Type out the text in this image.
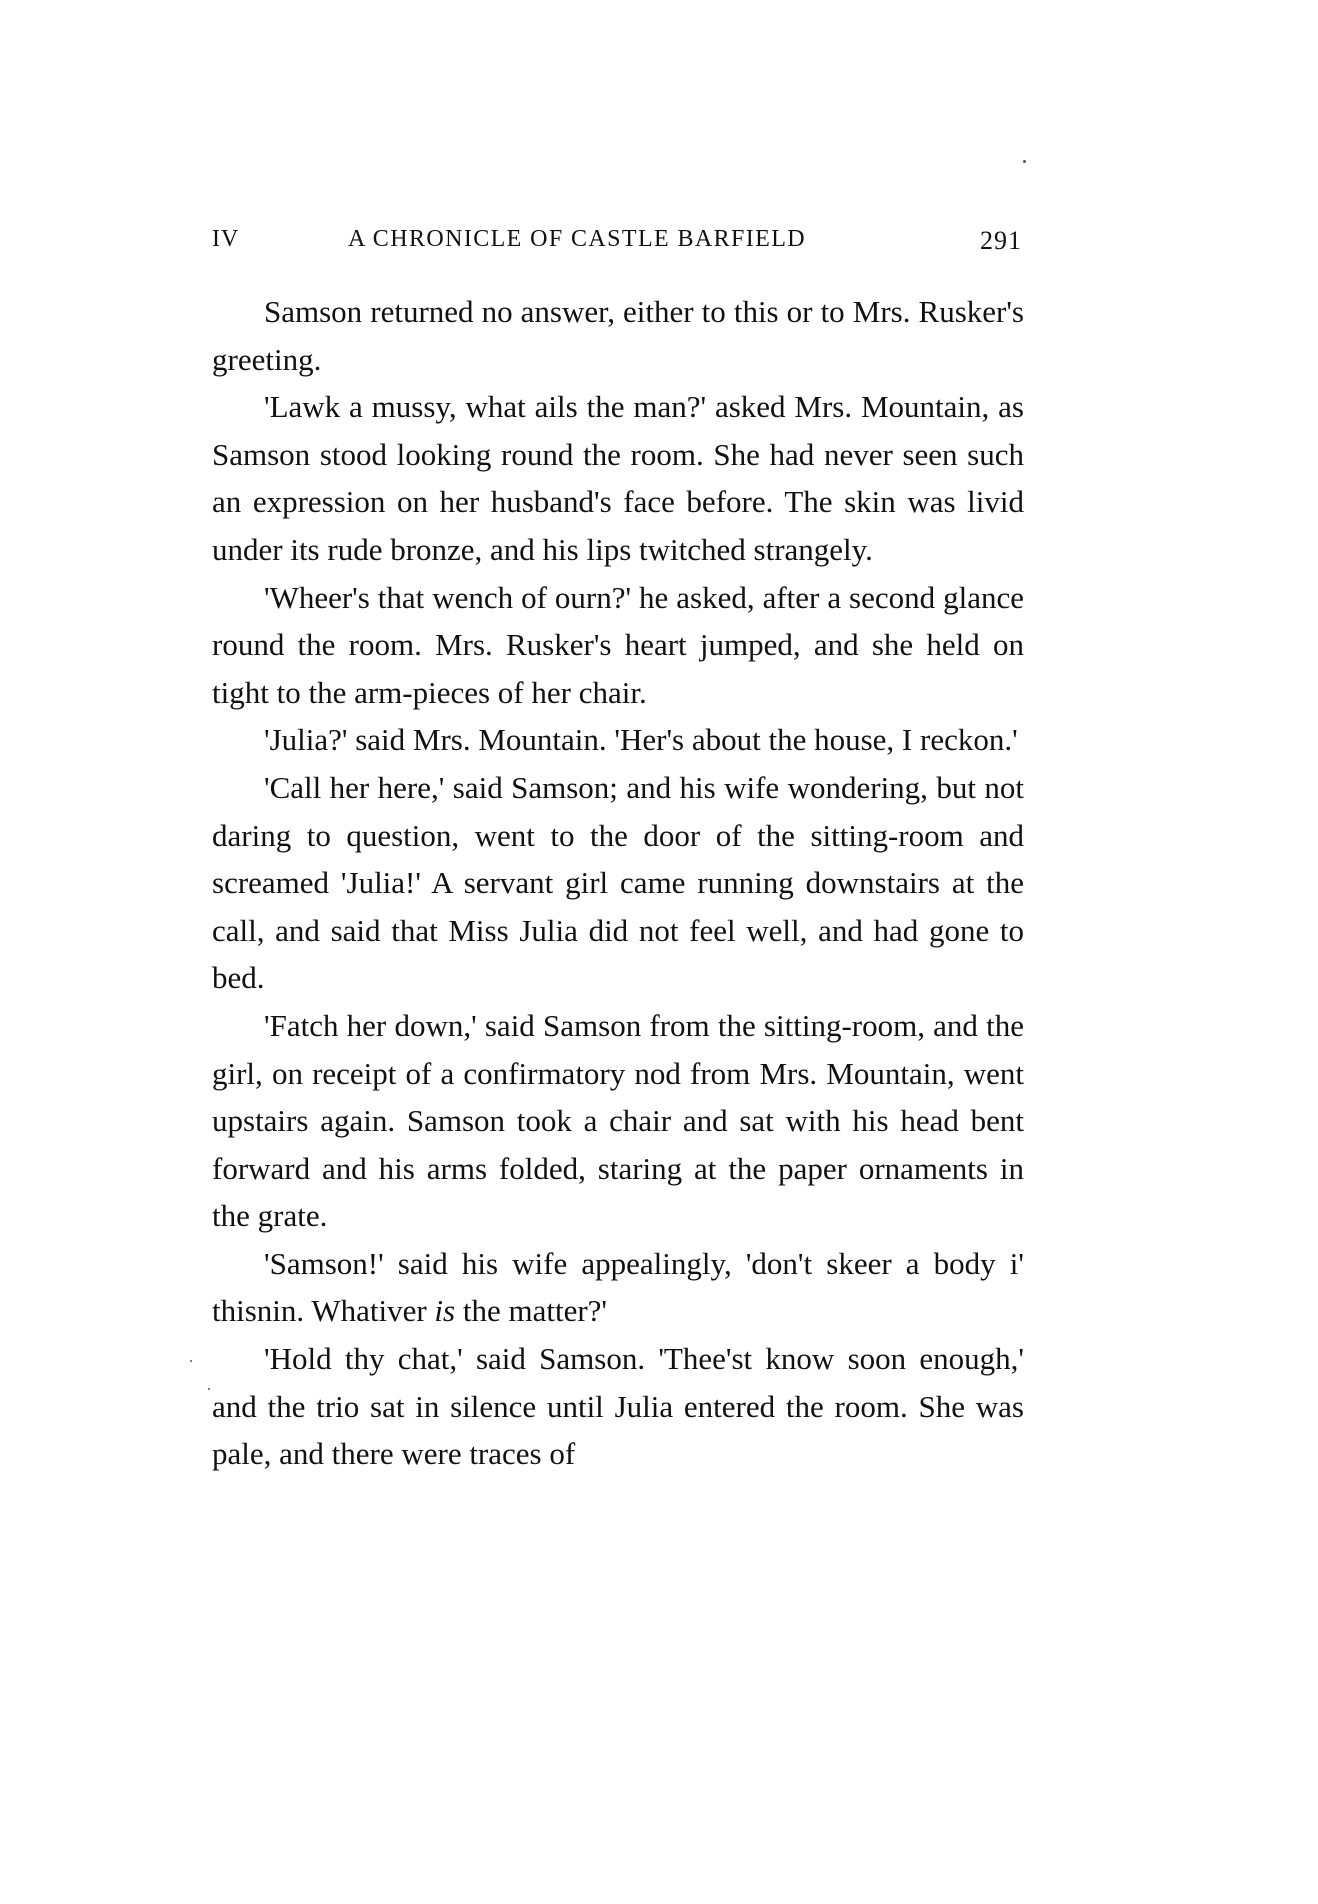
IV	A CHRONICLE OF CASTLE BARFIELD	291

Samson returned no answer, either to this or to Mrs. Rusker's greeting.

'Lawk a mussy, what ails the man?' asked Mrs. Mountain, as Samson stood looking round the room. She had never seen such an expression on her husband's face before. The skin was livid under its rude bronze, and his lips twitched strangely.

'Wheer's that wench of ourn?' he asked, after a second glance round the room. Mrs. Rusker's heart jumped, and she held on tight to the arm-pieces of her chair.

'Julia?' said Mrs. Mountain. 'Her's about the house, I reckon.'

'Call her here,' said Samson; and his wife wondering, but not daring to question, went to the door of the sitting-room and screamed 'Julia!' A servant girl came running downstairs at the call, and said that Miss Julia did not feel well, and had gone to bed.

'Fatch her down,' said Samson from the sitting-room, and the girl, on receipt of a confirmatory nod from Mrs. Mountain, went upstairs again. Samson took a chair and sat with his head bent forward and his arms folded, staring at the paper ornaments in the grate.

'Samson!' said his wife appealingly, 'don't skeer a body i' thisnin. Whativer is the matter?'

'Hold thy chat,' said Samson. 'Thee'st know soon enough,' and the trio sat in silence until Julia entered the room. She was pale, and there were traces of
